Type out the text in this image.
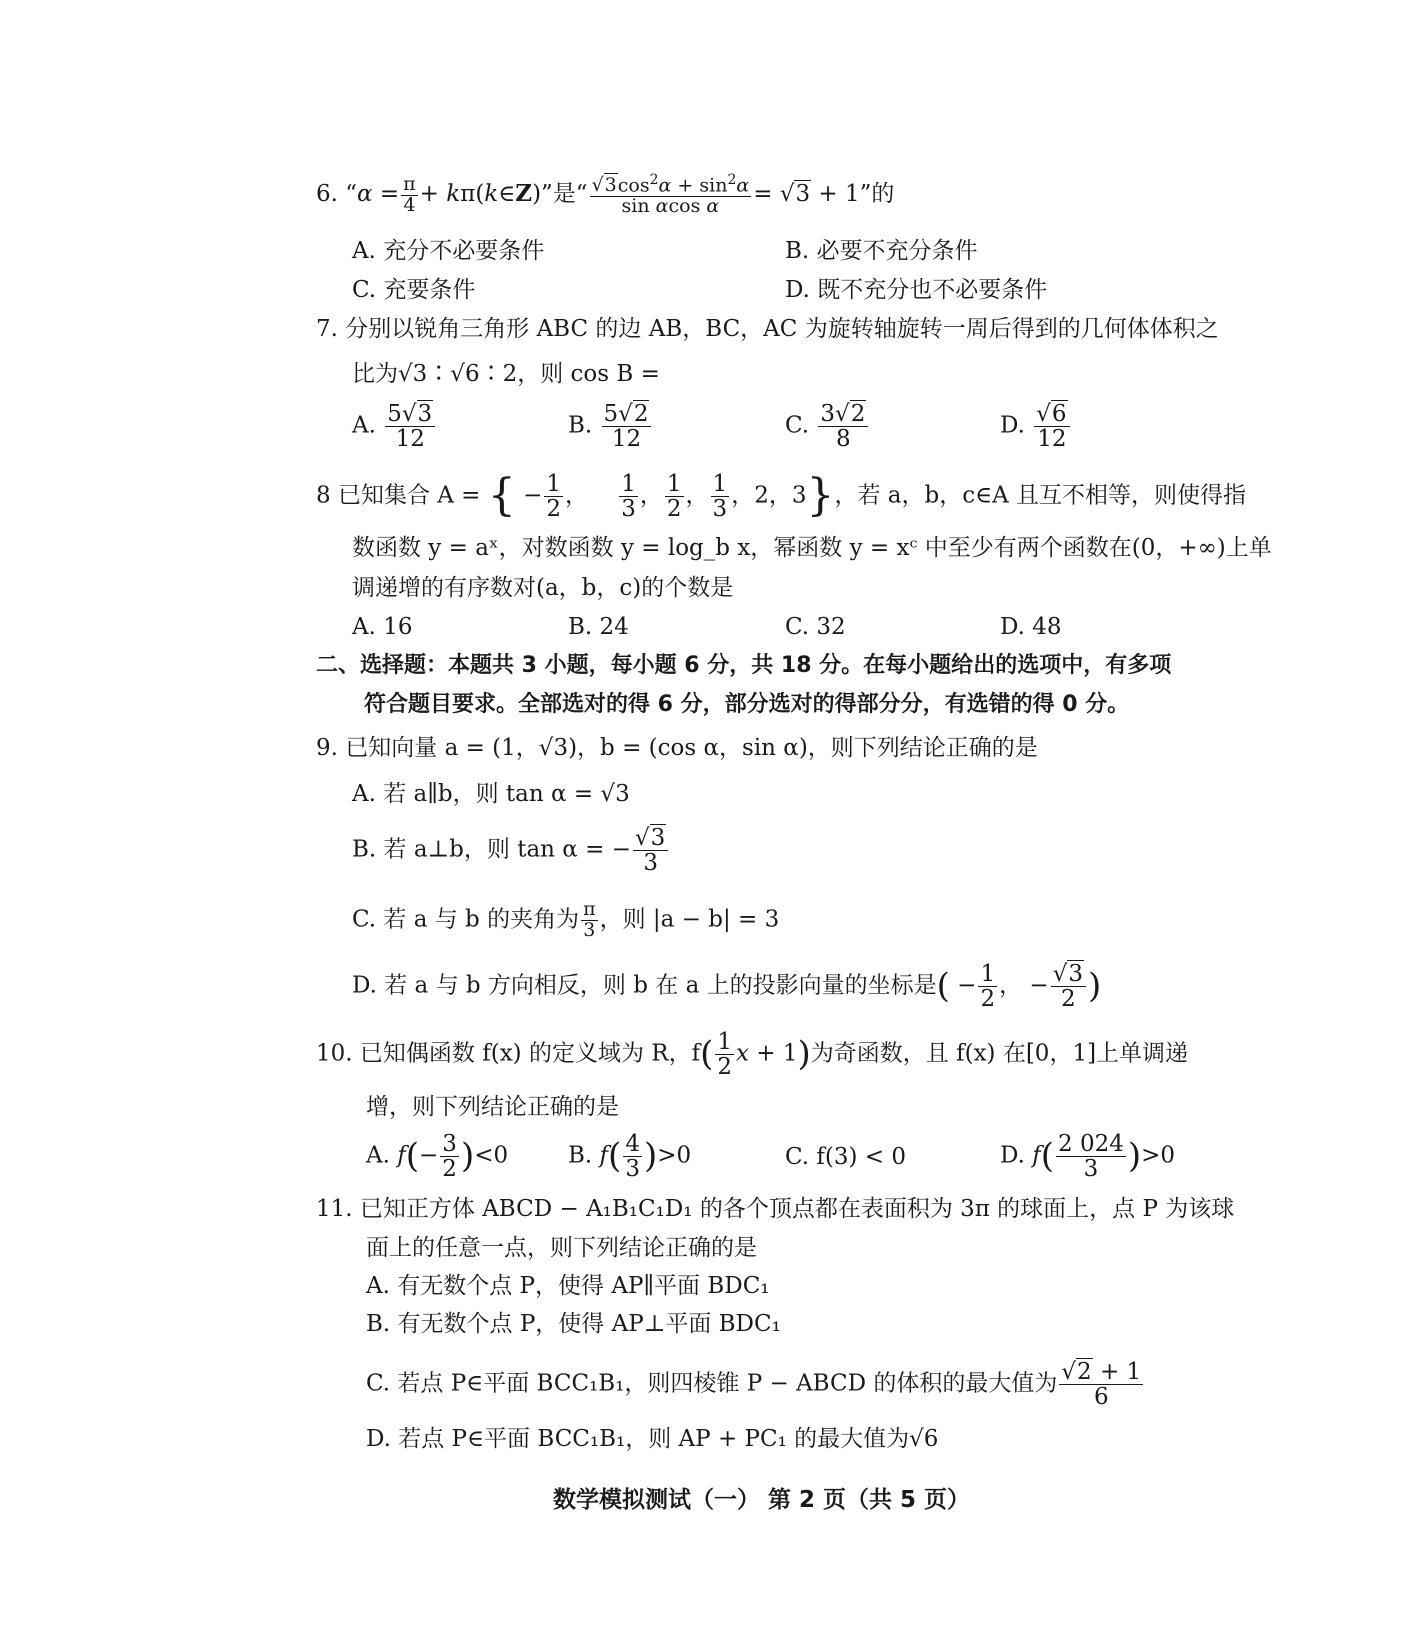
6. “$\alpha = \frac{\pi}{4}$ + kπ(k∈Z)”是“ $\frac{√3\cos^2\alpha + \sin^2\alpha}{\text{sin αcos α}} = √3 + 1$”的
A. 充分不必要条件	B. 必要不充分条件
C. 充要条件	D. 既不充分也不必要条件
7. 分别以锐角三角形 ABC 的边 AB，BC，AC 为旋转轴旋转一周后得到的几何体体积之
比为√3∶√6∶2，则 cos B =
A. $\frac{5√3}{12}$	B. $\frac{5√2}{12}$	C. $\frac{3√2}{8}$	D. $\frac{√6}{12}$
8 已知集合 A = { − $\frac{1}{2}$ ， $\frac{1}{3}$ ， $\frac{1}{2}$ ， $\frac{1}{3}$ ，2，3}，若 a，b，c∈A 且互不相等，则使得指
数函数 y = aˣ，对数函数 y = log_b x，幂函数 y = xᶜ 中至少有两个函数在(0，+∞)上单
调递增的有序数对(a，b，c)的个数是
A. 16	B. 24	C. 32	D. 48
二、选择题：本题共 3 小题，每小题 6 分，共 18 分。在每小题给出的选项中，有多项
符合题目要求。全部选对的得 6 分，部分选对的得部分分，有选错的得 0 分。
9. 已知向量 a = (1，√3)，b = (cos α，sin α)，则下列结论正确的是
A. 若 a∥b，则 tan α = √3
B. 若 a⊥b，则 tan α = − $\frac{√3}{3}$
C. 若 a 与 b 的夹角为 $\frac{\pi}{3}$ ，则 |a − b| = 3
D. 若 a 与 b 方向相反，则 b 在 a 上的投影向量的坐标是( − $\frac{1}{2}$ ， − $\frac{√3}{2}$ )
10. 已知偶函数 f(x) 的定义域为 R，$f( \frac{1}{2}$ x + 1)为奇函数，且 f(x) 在[0，1]上单调递
增，则下列结论正确的是
A. $f(- \frac{3}{2} )<0$	B. $f( \frac{4}{3} )>0$	C. f(3) < 0	D. $f( \frac{2 024}{3} )>0$
11. 已知正方体 ABCD − A₁B₁C₁D₁ 的各个顶点都在表面积为 3π 的球面上，点 P 为该球
面上的任意一点，则下列结论正确的是
A. 有无数个点 P，使得 AP∥平面 BDC₁
B. 有无数个点 P，使得 AP⊥平面 BDC₁
C. 若点 P∈平面 BCC₁B₁，则四棱锥 P − ABCD 的体积的最大值为 $\frac{√2 + 1}{6}$
D. 若点 P∈平面 BCC₁B₁，则 AP + PC₁ 的最大值为√6
数学模拟测试（一） 第 2 页（共 5 页）
